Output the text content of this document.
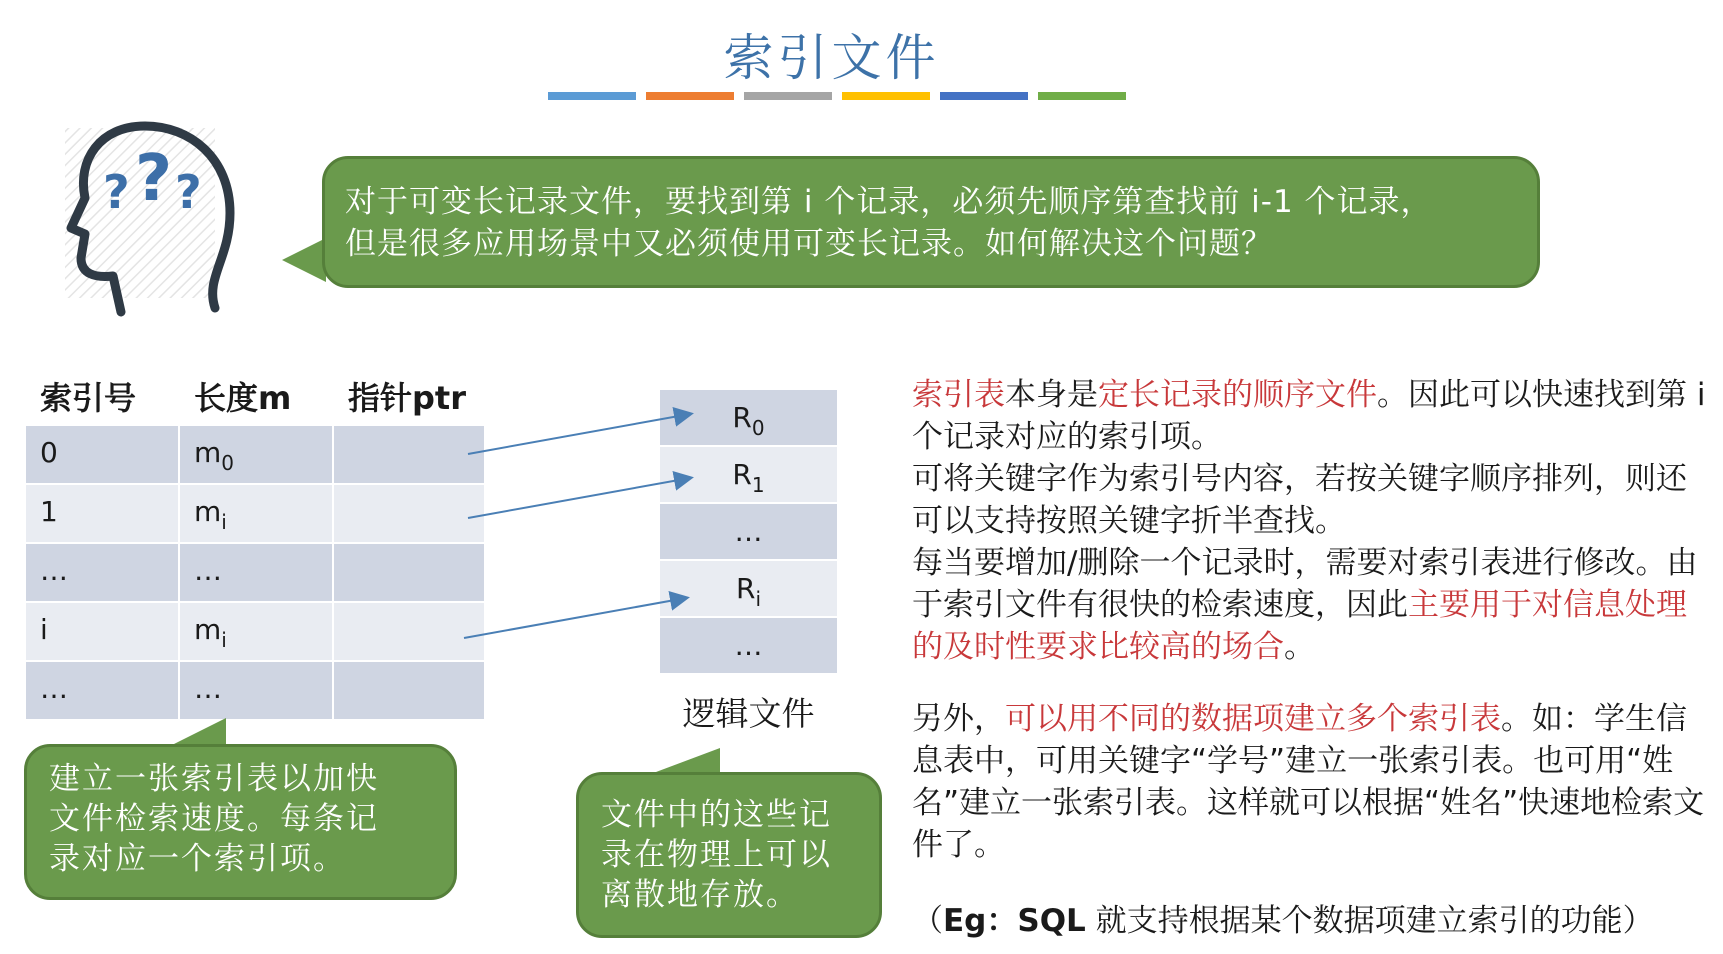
索引文件
? ? ?	对于可变长记录文件，要找到第 i 个记录，必须先顺序第查找前 i-1 个记录，
但是很多应用场景中又必须使用可变长记录。如何解决这个问题？
索引号	长度m	指针ptr
0	$m_0$
1	$m_i$
…	…
i	$m_i$
…	…
$R_0$
$R_1$
…
$R_i$
…
逻辑文件
建立一张索引表以加快
文件检索速度。每条记
录对应一个索引项。
文件中的这些记
录在物理上可以
离散地存放。

索引表本身是定长记录的顺序文件。因此可以快速找到第 i 个记录对应的索引项。

可将关键字作为索引号内容，若按关键字顺序排列，则还可以支持按照关键字折半查找。

每当要增加/删除一个记录时，需要对索引表进行修改。由于索引文件有很快的检索速度，因此主要用于对信息处理的及时性要求比较高的场合。

另外，可以用不同的数据项建立多个索引表。如：学生信息表中，可用关键字“学号”建立一张索引表。也可用“姓名”建立一张索引表。这样就可以根据“姓名”快速地检索文件了。

（Eg：SQL 就支持根据某个数据项建立索引的功能）
